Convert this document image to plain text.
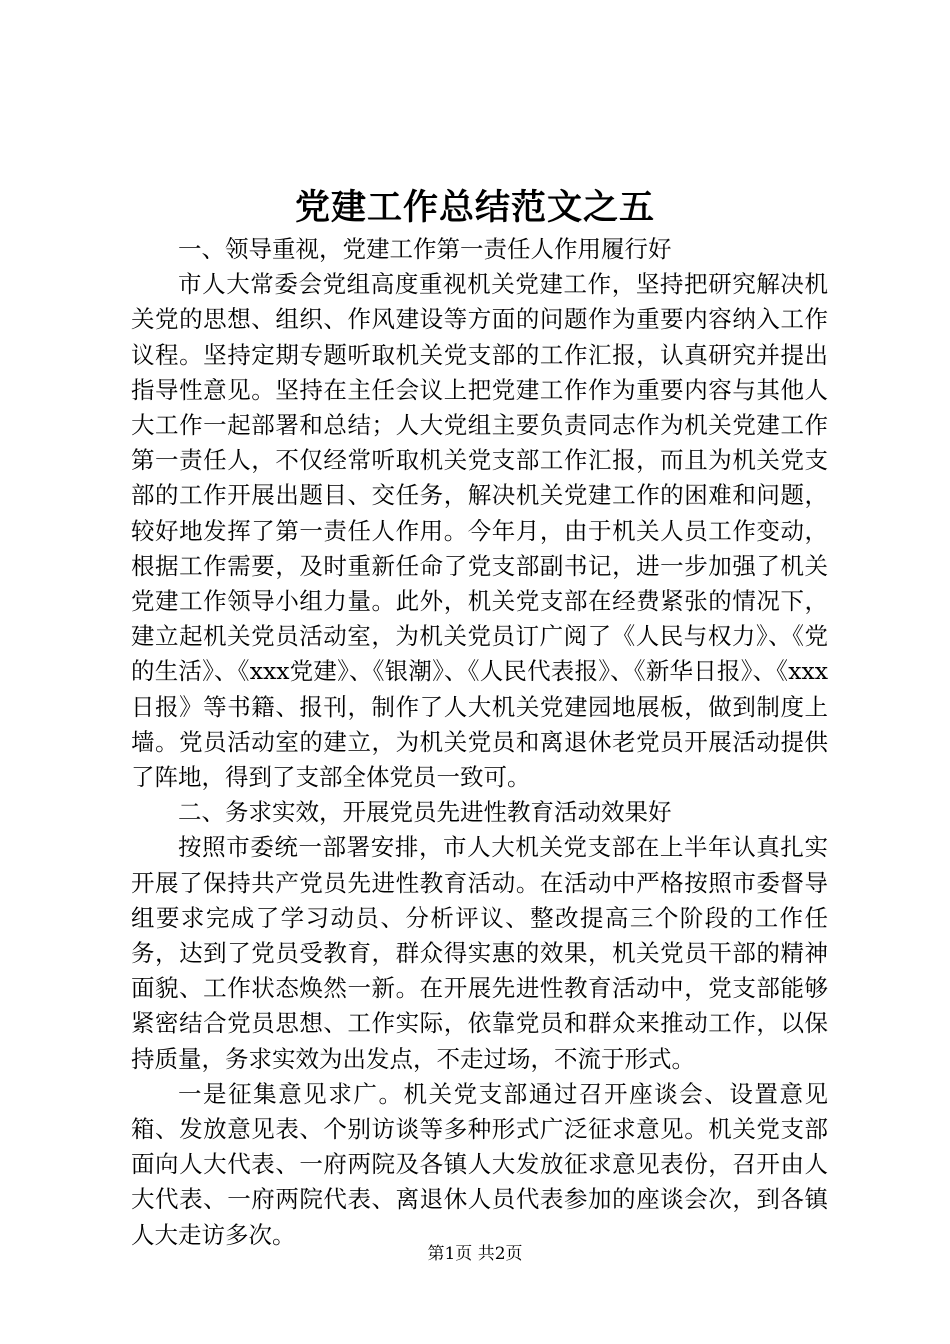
党建工作总结范文之五

一、领导重视，党建工作第一责任人作用履行好

市人大常委会党组高度重视机关党建工作，坚持把研究解决机关党的思想、组织、作风建设等方面的问题作为重要内容纳入工作议程。坚持定期专题听取机关党支部的工作汇报，认真研究并提出指导性意见。坚持在主任会议上把党建工作作为重要内容与其他人大工作一起部署和总结；人大党组主要负责同志作为机关党建工作第一责任人，不仅经常听取机关党支部工作汇报，而且为机关党支部的工作开展出题目、交任务，解决机关党建工作的困难和问题，较好地发挥了第一责任人作用。今年月，由于机关人员工作变动，根据工作需要，及时重新任命了党支部副书记，进一步加强了机关党建工作领导小组力量。此外，机关党支部在经费紧张的情况下，建立起机关党员活动室，为机关党员订广阅了《人民与权力》、《党的生活》、《xxx党建》、《银潮》、《人民代表报》、《新华日报》、《xxx日报》等书籍、报刊，制作了人大机关党建园地展板，做到制度上墙。党员活动室的建立，为机关党员和离退休老党员开展活动提供了阵地，得到了支部全体党员一致可。

二、务求实效，开展党员先进性教育活动效果好

按照市委统一部署安排，市人大机关党支部在上半年认真扎实开展了保持共产党员先进性教育活动。在活动中严格按照市委督导组要求完成了学习动员、分析评议、整改提高三个阶段的工作任务，达到了党员受教育，群众得实惠的效果，机关党员干部的精神面貌、工作状态焕然一新。在开展先进性教育活动中，党支部能够紧密结合党员思想、工作实际，依靠党员和群众来推动工作，以保持质量，务求实效为出发点，不走过场，不流于形式。

一是征集意见求广。机关党支部通过召开座谈会、设置意见箱、发放意见表、个别访谈等多种形式广泛征求意见。机关党支部面向人大代表、一府两院及各镇人大发放征求意见表份，召开由人大代表、一府两院代表、离退休人员代表参加的座谈会次，到各镇人大走访多次。

第1页 共2页
